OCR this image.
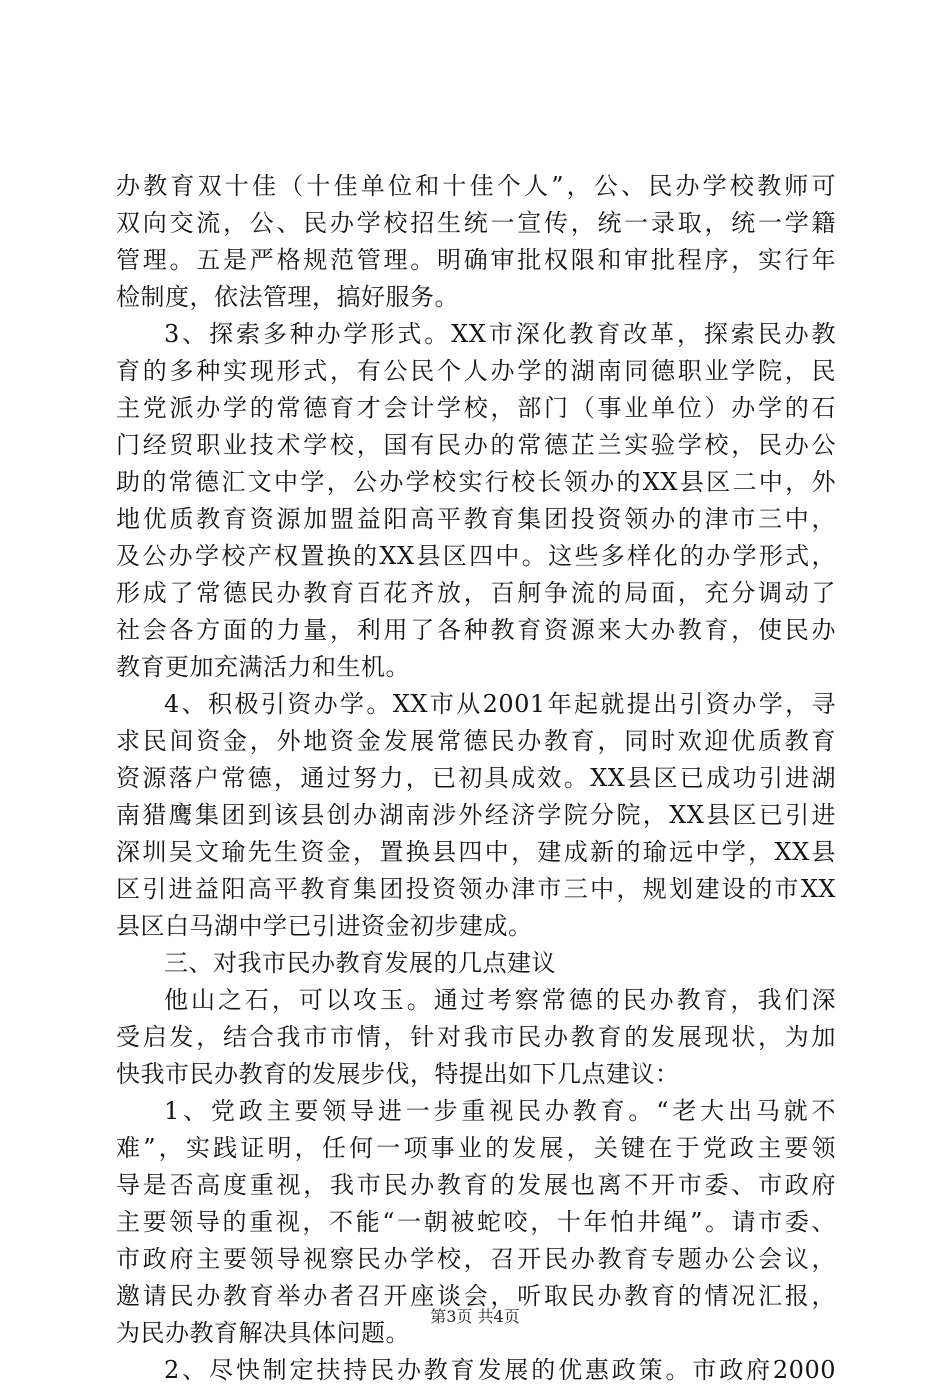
办教育双十佳（十佳单位和十佳个人”，公、民办学校教师可
双向交流，公、民办学校招生统一宣传，统一录取，统一学籍
管理。五是严格规范管理。明确审批权限和审批程序，实行年
检制度，依法管理，搞好服务。
3、探索多种办学形式。XX市深化教育改革，探索民办教
育的多种实现形式，有公民个人办学的湖南同德职业学院，民
主党派办学的常德育才会计学校，部门（事业单位）办学的石
门经贸职业技术学校，国有民办的常德芷兰实验学校，民办公
助的常德汇文中学，公办学校实行校长领办的XX县区二中，外
地优质教育资源加盟益阳高平教育集团投资领办的津市三中，
及公办学校产权置换的XX县区四中。这些多样化的办学形式，
形成了常德民办教育百花齐放，百舸争流的局面，充分调动了
社会各方面的力量，利用了各种教育资源来大办教育，使民办
教育更加充满活力和生机。
4、积极引资办学。XX市从2001年起就提出引资办学，寻
求民间资金，外地资金发展常德民办教育，同时欢迎优质教育
资源落户常德，通过努力，已初具成效。XX县区已成功引进湖
南猎鹰集团到该县创办湖南涉外经济学院分院，XX县区已引进
深圳吴文瑜先生资金，置换县四中，建成新的瑜远中学，XX县
区引进益阳高平教育集团投资领办津市三中，规划建设的市XX
县区白马湖中学已引进资金初步建成。
三、对我市民办教育发展的几点建议
他山之石，可以攻玉。通过考察常德的民办教育，我们深
受启发，结合我市市情，针对我市民办教育的发展现状，为加
快我市民办教育的发展步伐，特提出如下几点建议：
1、党政主要领导进一步重视民办教育。“老大出马就不
难”，实践证明，任何一项事业的发展，关键在于党政主要领
导是否高度重视，我市民办教育的发展也离不开市委、市政府
主要领导的重视，不能“一朝被蛇咬，十年怕井绳”。请市委、
市政府主要领导视察民办学校，召开民办教育专题办公会议，
邀请民办教育举办者召开座谈会，听取民办教育的情况汇报，
为民办教育解决具体问题。
2、尽快制定扶持民办教育发展的优惠政策。市政府2000
第3页 共4页
